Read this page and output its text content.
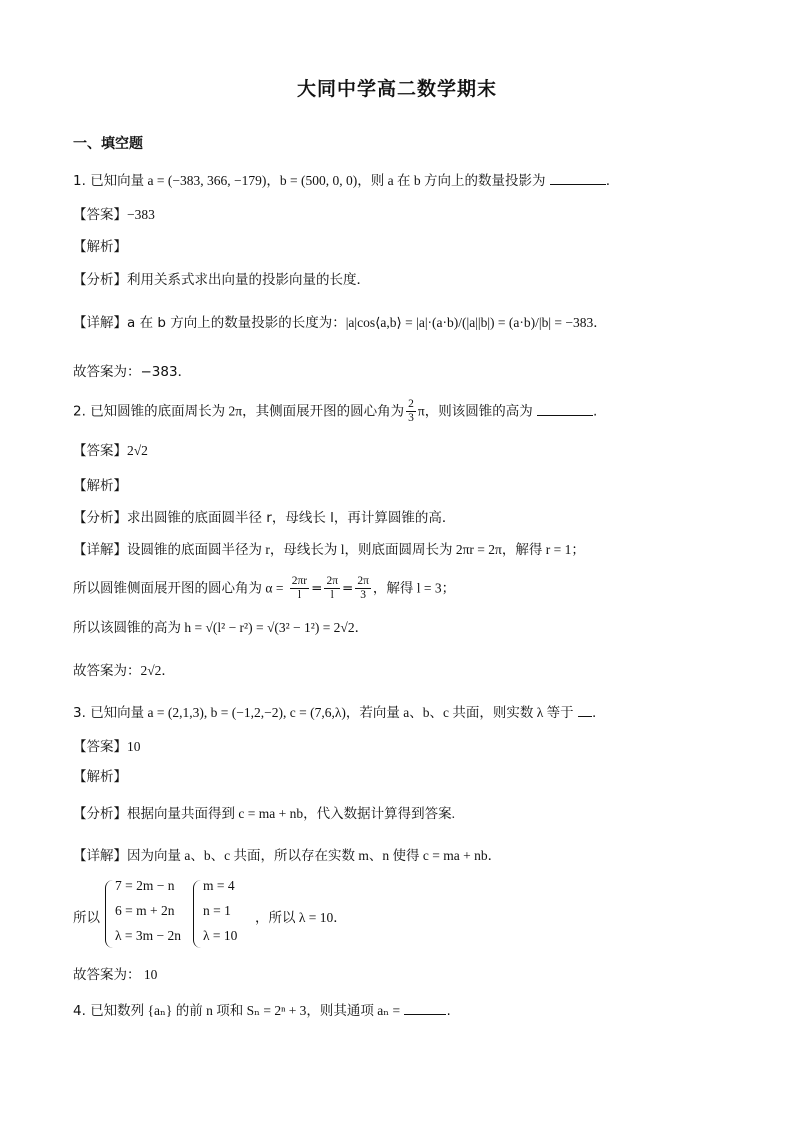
大同中学高二数学期末
一、填空题
1. 已知向量 a = (−383, 366, −179)，b = (500, 0, 0)，则 a 在 b 方向上的数量投影为	.
【答案】−383
【解析】
【分析】利用关系式求出向量的投影向量的长度．
【详解】a 在 b 方向上的数量投影的长度为：|a|cos⟨a,b⟩ = |a|·(a·b)/(|a||b|) = (a·b)/|b| = −383．
故答案为：−383．
2. 已知圆锥的底面周长为 2π，其侧面展开图的圆心角为 $\frac{2}{3}$ π，则该圆锥的高为	.
【答案】2√2
【解析】
【分析】求出圆锥的底面圆半径 r，母线长 l，再计算圆锥的高．
【详解】设圆锥的底面圆半径为 r，母线长为 l，则底面圆周长为 2πr = 2π，解得 r = 1；
所以圆锥侧面展开图的圆心角为 $\alpha = \frac{2\pi r}{l} = \frac{2\pi}{l} = \frac{2\pi}{3}$ ，解得 l = 3；
所以该圆锥的高为 h = √(l² − r²) = √(3² − 1²) = 2√2．
故答案为：2√2．
3. 已知向量 a = (2,1,3), b = (−1,2,−2), c = (7,6,λ)，若向量 a、b、c 共面，则实数 λ 等于 .
【答案】10
【解析】
【分析】根据向量共面得到 c = ma + nb，代入数据计算得到答案.
【详解】因为向量 a、b、c 共面，所以存在实数 m、n 使得 c = ma + nb．
所以
7 = 2m − n
6 = m + 2n
λ = 3m − 2n
m = 4
n = 1
λ = 10
，所以 λ = 10．
故答案为： 10
4. 已知数列 {aₙ} 的前 n 项和 Sₙ = 2ⁿ + 3，则其通项 aₙ =	.
